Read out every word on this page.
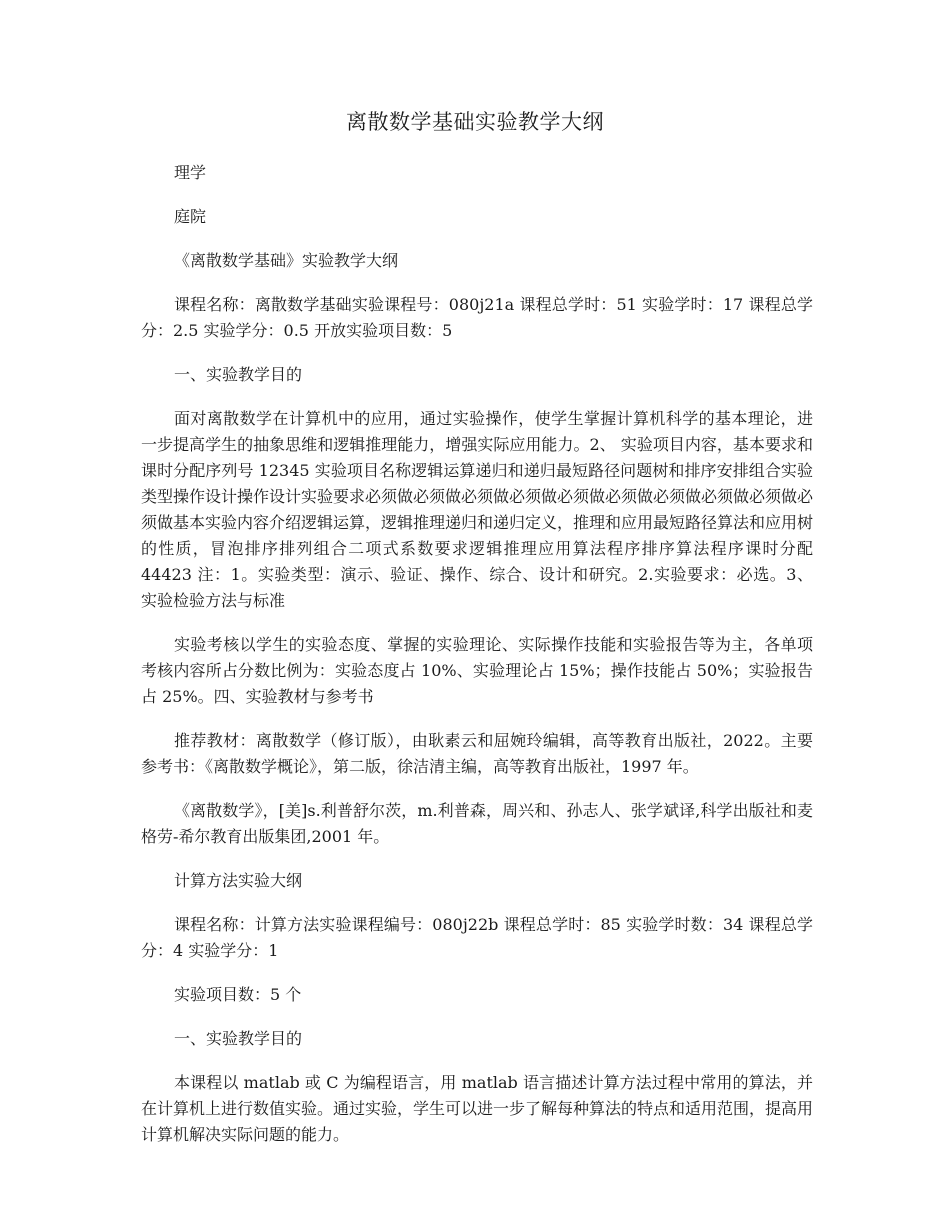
离散数学基础实验教学大纲

理学

庭院

《离散数学基础》实验教学大纲

课程名称：离散数学基础实验课程号：080j21a 课程总学时：51 实验学时：17 课程总学分：2.5 实验学分：0.5 开放实验项目数：5

一、实验教学目的

面对离散数学在计算机中的应用，通过实验操作，使学生掌握计算机科学的基本理论，进一步提高学生的抽象思维和逻辑推理能力，增强实际应用能力。2、 实验项目内容，基本要求和课时分配序列号 12345 实验项目名称逻辑运算递归和递归最短路径问题树和排序安排组合实验类型操作设计操作设计实验要求必须做必须做必须做必须做必须做必须做必须做必须做必须做必须做基本实验内容介绍逻辑运算，逻辑推理递归和递归定义，推理和应用最短路径算法和应用树的性质，冒泡排序排列组合二项式系数要求逻辑推理应用算法程序排序算法程序课时分配 44423 注：1。实验类型：演示、验证、操作、综合、设计和研究。2.实验要求：必选。3、 实验检验方法与标准

实验考核以学生的实验态度、掌握的实验理论、实际操作技能和实验报告等为主，各单项考核内容所占分数比例为：实验态度占 10%、实验理论占 15%；操作技能占 50%；实验报告占 25%。四、实验教材与参考书

推荐教材：离散数学（修订版），由耿素云和屈婉玲编辑，高等教育出版社，2022。主要参考书：《离散数学概论》，第二版，徐洁清主编，高等教育出版社，1997 年。

《离散数学》，[美]s.利普舒尔茨，m.利普森，周兴和、孙志人、张学斌译,科学出版社和麦格劳-希尔教育出版集团,2001 年。

计算方法实验大纲

课程名称：计算方法实验课程编号：080j22b 课程总学时：85 实验学时数：34 课程总学分：4 实验学分：1

实验项目数：5 个

一、实验教学目的

本课程以 matlab 或 C 为编程语言，用 matlab 语言描述计算方法过程中常用的算法，并在计算机上进行数值实验。通过实验，学生可以进一步了解每种算法的特点和适用范围，提高用计算机解决实际问题的能力。
